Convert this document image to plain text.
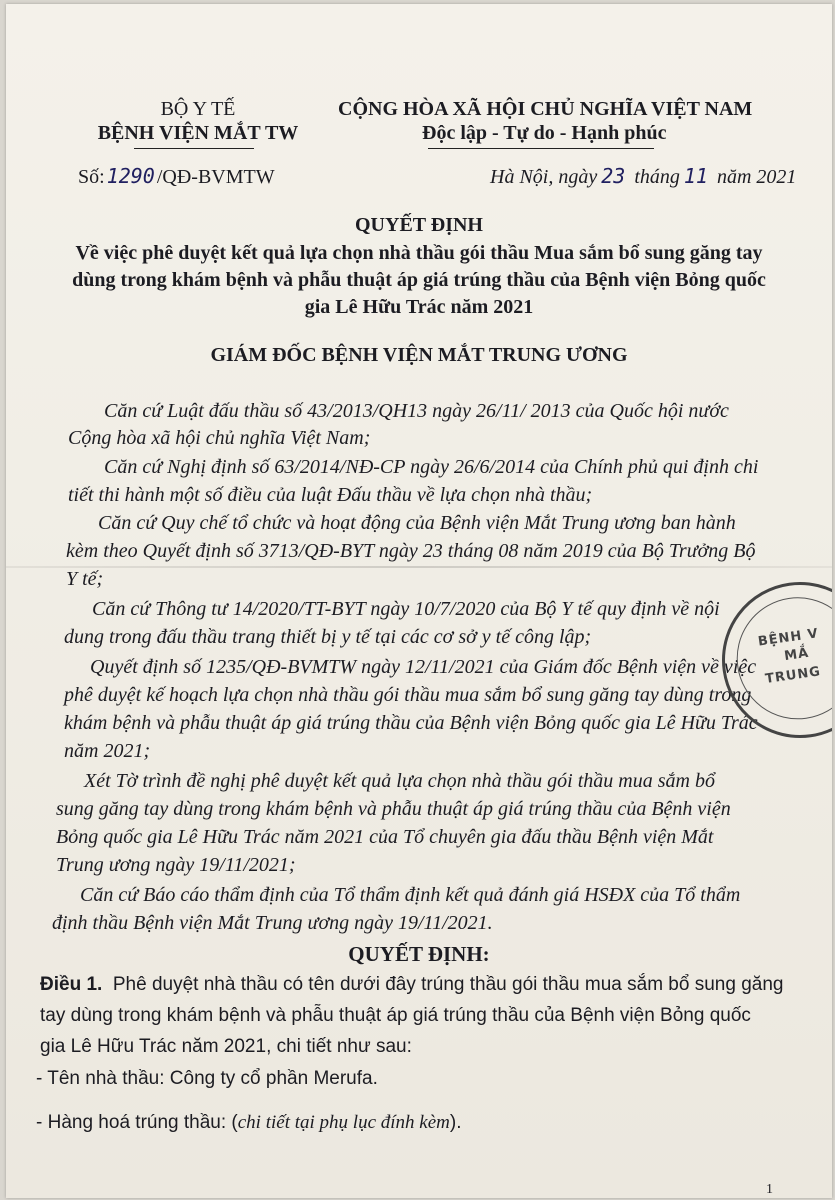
BỘ Y TẾ
BỆNH VIỆN MẮT TW
CỘNG HÒA XÃ HỘI CHỦ NGHĨA VIỆT NAM
Độc lập - Tự do - Hạnh phúc
Số: 1290 /QĐ-BVMTW	Hà Nội, ngày 23 tháng 11 năm 2021
QUYẾT ĐỊNH
Về việc phê duyệt kết quả lựa chọn nhà thầu gói thầu Mua sắm bổ sung găng tay
dùng trong khám bệnh và phẫu thuật áp giá trúng thầu của Bệnh viện Bỏng quốc
gia Lê Hữu Trác năm 2021
GIÁM ĐỐC BỆNH VIỆN MẮT TRUNG ƯƠNG
Căn cứ Luật đấu thầu số 43/2013/QH13 ngày 26/11/ 2013 của Quốc hội nước
Cộng hòa xã hội chủ nghĩa Việt Nam;
Căn cứ Nghị định số 63/2014/NĐ-CP ngày 26/6/2014 của Chính phủ qui định chi
tiết thi hành một số điều của luật Đấu thầu về lựa chọn nhà thầu;
Căn cứ Quy chế tổ chức và hoạt động của Bệnh viện Mắt Trung ương ban hành
kèm theo Quyết định số 3713/QĐ-BYT ngày 23 tháng 08 năm 2019 của Bộ Trưởng Bộ
Y tế;
Căn cứ Thông tư 14/2020/TT-BYT ngày 10/7/2020 của Bộ Y tế quy định về nội
dung trong đấu thầu trang thiết bị y tế tại các cơ sở y tế công lập;
Quyết định số 1235/QĐ-BVMTW ngày 12/11/2021 của Giám đốc Bệnh viện về việc
phê duyệt kế hoạch lựa chọn nhà thầu gói thầu mua sắm bổ sung găng tay dùng trong
khám bệnh và phẫu thuật áp giá trúng thầu của Bệnh viện Bỏng quốc gia Lê Hữu Trác
năm 2021;
Xét Tờ trình đề nghị phê duyệt kết quả lựa chọn nhà thầu gói thầu mua sắm bổ
sung găng tay dùng trong khám bệnh và phẫu thuật áp giá trúng thầu của Bệnh viện
Bỏng quốc gia Lê Hữu Trác năm 2021 của Tổ chuyên gia đấu thầu Bệnh viện Mắt
Trung ương ngày 19/11/2021;
Căn cứ Báo cáo thẩm định của Tổ thẩm định kết quả đánh giá HSĐX của Tổ thẩm
định thầu Bệnh viện Mắt Trung ương ngày 19/11/2021.
QUYẾT ĐỊNH:
Điều 1. Phê duyệt nhà thầu có tên dưới đây trúng thầu gói thầu mua sắm bổ sung găng
tay dùng trong khám bệnh và phẫu thuật áp giá trúng thầu của Bệnh viện Bỏng quốc
gia Lê Hữu Trác năm 2021, chi tiết như sau:
- Tên nhà thầu: Công ty cổ phần Merufa.
- Hàng hoá trúng thầu: (chi tiết tại phụ lục đính kèm).
BỆNH V
MẮ
TRUNG
1
